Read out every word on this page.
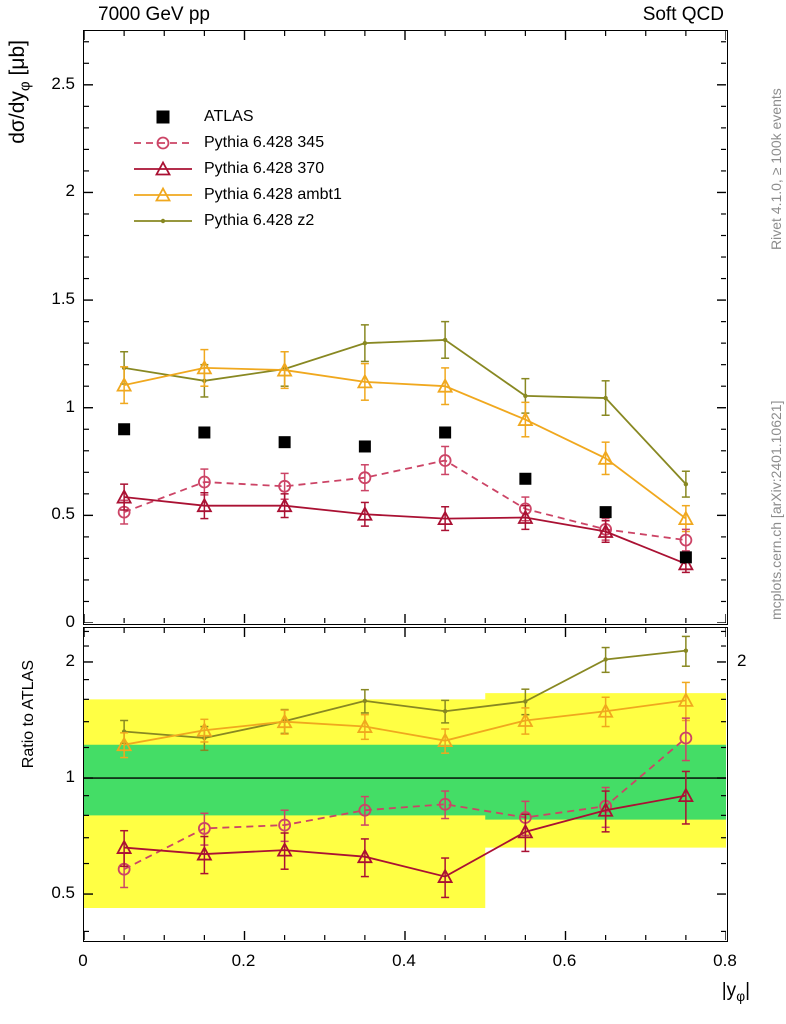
7000 GeV pp	Soft QCD
Rivet 4.1.0, ≥ 100k events
mcplots.cern.ch [arXiv:2401.10621]
$d\sigma/dy_\varphi$ [μb]
Ratio to ATLAS
$|y_\varphi|$
ATLAS
Pythia 6.428 345
Pythia 6.428 370
Pythia 6.428 ambt1
Pythia 6.428 z2
0
0.5
1
1.5
2
2.5
0.5
1
2	2
0	0.2	0.4	0.6	0.8
